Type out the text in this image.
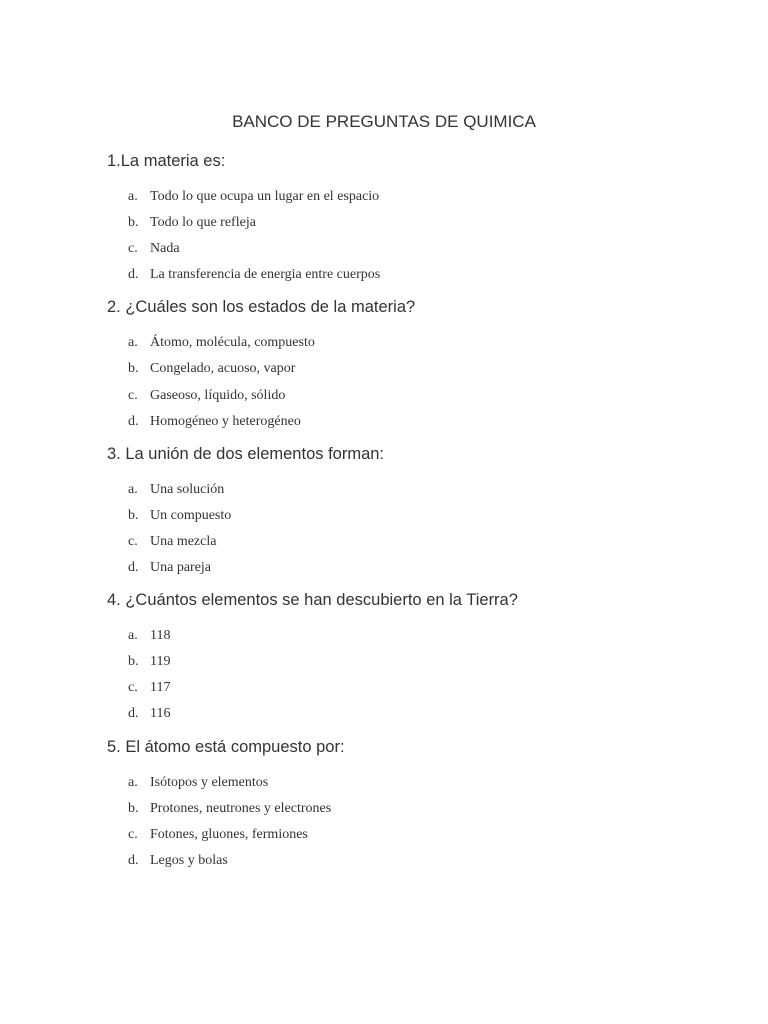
BANCO DE PREGUNTAS DE QUIMICA

1.La materia es:

a. Todo lo que ocupa un lugar en el espacio
b. Todo lo que refleja
c. Nada
d. La transferencia de energia entre cuerpos

2. ¿Cuáles son los estados de la materia?

a. Átomo, molécula, compuesto
b. Congelado, acuoso, vapor
c. Gaseoso, líquido, sólido
d. Homogéneo y heterogéneo

3. La unión de dos elementos forman:

a. Una solución
b. Un compuesto
c. Una mezcla
d. Una pareja

4. ¿Cuántos elementos se han descubierto en la Tierra?

a. 118
b. 119
c. 117
d. 116

5. El átomo está compuesto por:

a. Isótopos y elementos
b. Protones, neutrones y electrones
c. Fotones, gluones, fermiones
d. Legos y bolas
